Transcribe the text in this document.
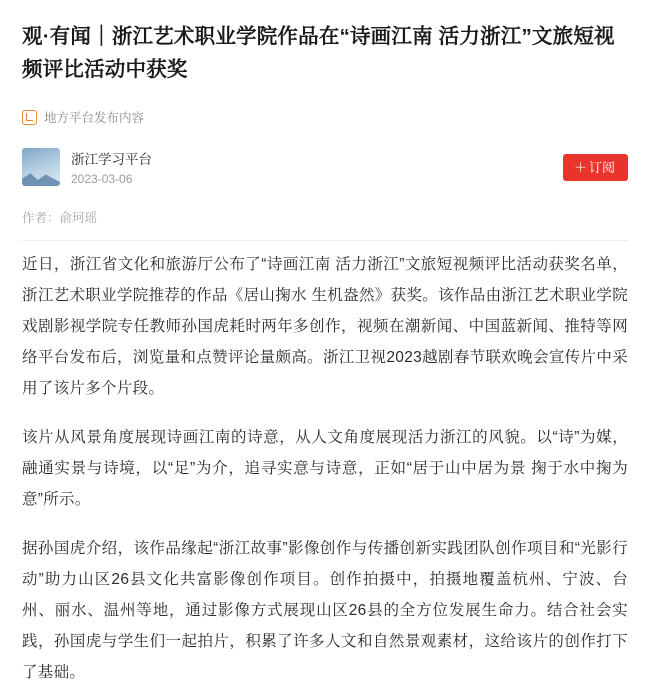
观·有闻｜浙江艺术职业学院作品在“诗画江南 活力浙江”文旅短视频评比活动中获奖
地方平台发布内容
浙江学习平台
2023-03-06
＋ 订阅
作者：俞珂瑶

近日，浙江省文化和旅游厅公布了“诗画江南 活力浙江”文旅短视频评比活动获奖名单，浙江艺术职业学院推荐的作品《居山掬水 生机盎然》获奖。该作品由浙江艺术职业学院戏剧影视学院专任教师孙国虎耗时两年多创作，视频在潮新闻、中国蓝新闻、推特等网络平台发布后，浏览量和点赞评论量颇高。浙江卫视2023越剧春节联欢晚会宣传片中采用了该片多个片段。

该片从风景角度展现诗画江南的诗意，从人文角度展现活力浙江的风貌。以“诗”为媒，融通实景与诗境，以“足”为介，追寻实意与诗意，正如“居于山中居为景 掬于水中掬为意”所示。

据孙国虎介绍，该作品缘起“浙江故事”影像创作与传播创新实践团队创作项目和“光影行动”助力山区26县文化共富影像创作项目。创作拍摄中，拍摄地覆盖杭州、宁波、台州、丽水、温州等地，通过影像方式展现山区26县的全方位发展生命力。结合社会实践，孙国虎与学生们一起拍片，积累了许多人文和自然景观素材，这给该片的创作打下了基础。
